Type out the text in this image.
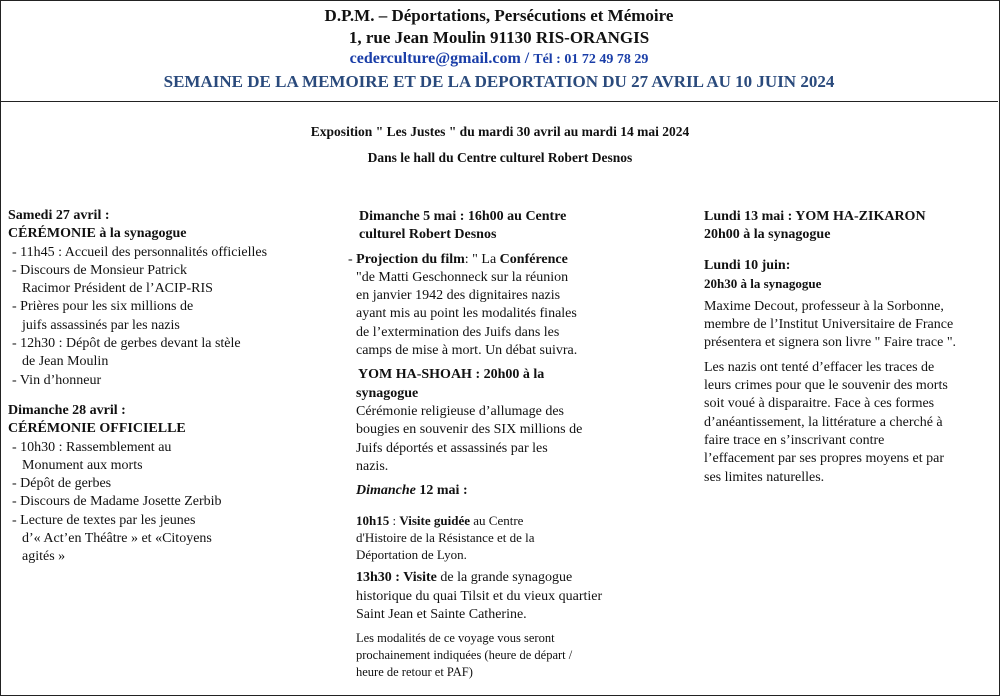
D.P.M. – Déportations, Persécutions et Mémoire
1, rue Jean Moulin 91130 RIS-ORANGIS
cederculture@gmail.com / Tél : 01 72 49 78 29
SEMAINE DE LA MEMOIRE ET DE LA DEPORTATION DU 27 AVRIL AU 10 JUIN 2024
Exposition " Les Justes " du mardi 30 avril au mardi 14 mai 2024
Dans le hall du Centre culturel Robert Desnos
Samedi 27 avril :
CÉRÉMONIE à la synagogue
- 11h45 : Accueil des personnalités officielles
- Discours de Monsieur Patrick
Racimor Président de l’ACIP-RIS
- Prières pour les six millions de
juifs assassinés par les nazis
- 12h30 : Dépôt de gerbes devant la stèle
de Jean Moulin
- Vin d’honneur
Dimanche 28 avril :
CÉRÉMONIE OFFICIELLE
- 10h30 : Rassemblement au
Monument aux morts
- Dépôt de gerbes
- Discours de Madame Josette Zerbib
- Lecture de textes par les jeunes
d’« Act’en Théâtre » et «Citoyens
agités »
Dimanche 5 mai : 16h00 au Centre
culturel Robert Desnos
- Projection du film: " La Conférence
"de Matti Geschonneck sur la réunion
en janvier 1942 des dignitaires nazis
ayant mis au point les modalités finales
de l’extermination des Juifs dans les
camps de mise à mort. Un débat suivra.
YOM HA-SHOAH : 20h00 à la
synagogue
Cérémonie religieuse d’allumage des
bougies en souvenir des SIX millions de
Juifs déportés et assassinés par les
nazis.
Dimanche 12 mai :
10h15 : Visite guidée au Centre
d'Histoire de la Résistance et de la
Déportation de Lyon.
13h30 : Visite de la grande synagogue
historique du quai Tilsit et du vieux quartier
Saint Jean et Sainte Catherine.
Les modalités de ce voyage vous seront
prochainement indiquées (heure de départ /
heure de retour et PAF)
Lundi 13 mai : YOM HA-ZIKARON
20h00 à la synagogue
Lundi 10 juin:
20h30 à la synagogue
Maxime Decout, professeur à la Sorbonne,
membre de l’Institut Universitaire de France
présentera et signera son livre " Faire trace ".
Les nazis ont tenté d’effacer les traces de
leurs crimes pour que le souvenir des morts
soit voué à disparaitre. Face à ces formes
d’anéantissement, la littérature a cherché à
faire trace en s’inscrivant contre
l’effacement par ses propres moyens et par
ses limites naturelles.
